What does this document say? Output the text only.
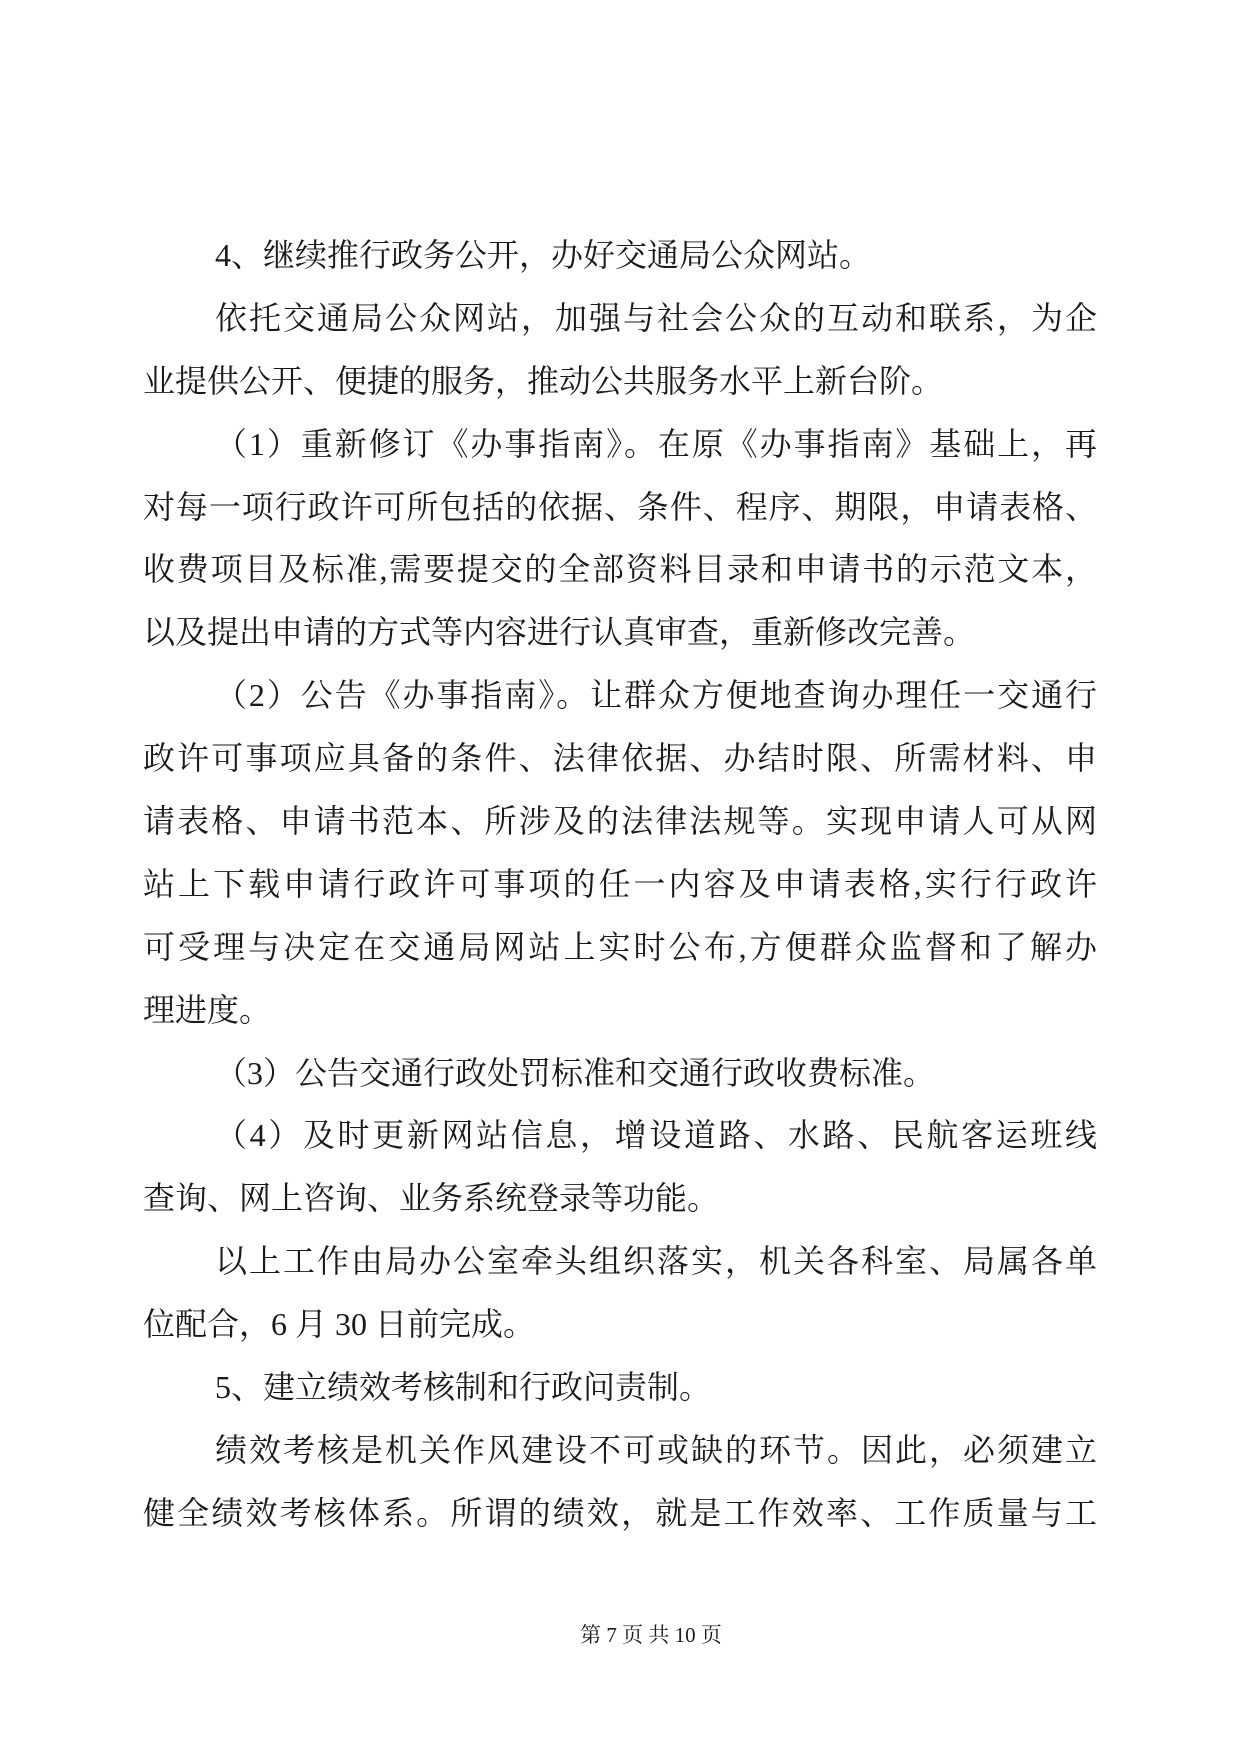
4、继续推行政务公开，办好交通局公众网站。
依托交通局公众网站，加强与社会公众的互动和联系，为企
业提供公开、便捷的服务，推动公共服务水平上新台阶。
（1）重新修订《办事指南》。在原《办事指南》基础上，再
对每一项行政许可所包括的依据、条件、程序、期限，申请表格、
收费项目及标准,需要提交的全部资料目录和申请书的示范文本，
以及提出申请的方式等内容进行认真审查，重新修改完善。
（2）公告《办事指南》。让群众方便地查询办理任一交通行
政许可事项应具备的条件、法律依据、办结时限、所需材料、申
请表格、申请书范本、所涉及的法律法规等。实现申请人可从网
站上下载申请行政许可事项的任一内容及申请表格,实行行政许
可受理与决定在交通局网站上实时公布,方便群众监督和了解办
理进度。
（3）公告交通行政处罚标准和交通行政收费标准。
（4）及时更新网站信息，增设道路、水路、民航客运班线
查询、网上咨询、业务系统登录等功能。
以上工作由局办公室牵头组织落实，机关各科室、局属各单
位配合，6 月 30 日前完成。
5、建立绩效考核制和行政问责制。
绩效考核是机关作风建设不可或缺的环节。因此，必须建立
健全绩效考核体系。所谓的绩效，就是工作效率、工作质量与工
第 7 页 共 10 页
